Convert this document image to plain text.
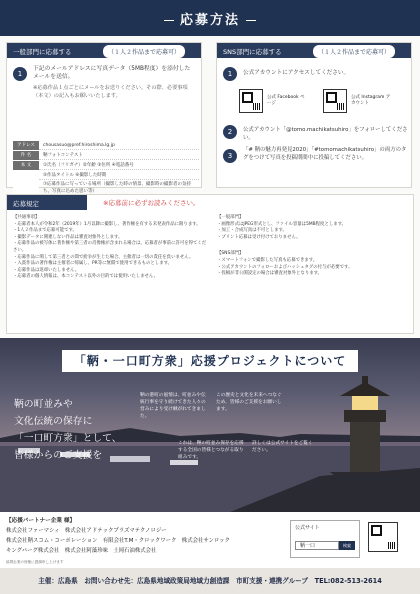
応募方法
一般部門に応募する	（１人２作品まで応募可）
1
下記のメールアドレスに写真データ（5MB程度）を添付したメールを送信。
※応募作品１点ごとにメールをお送りください。その際、必要事項（本文）の記入もお願いいたします。
アドレス	chousasuo@pref.hiroshima.lg.jp
件 名	鞆フォトコンテスト
本 文	①氏名（フリガナ）②年齢 ③住所 ④電話番号
⑤作品タイトル ⑥撮影した時期
⑦応募作品に写っている場所（撮影した時の情景、撮影時の撮影者の気持ち、写真に込めた思い等）
SNS部門に応募する	（１人２作品まで応募可）
1	公式アカウントにアクセスしてください。
公式 Facebook ページ
公式 Instagram アカウント
2	公式アカウント「@tomo.machikatsuhiro」をフォローしてください。
3
「# 鞆の魅力再発見2020」「#tomomachikatsuhiro」の両方のタグをつけて写真を投稿期間中に投稿してください。
応募規定	※応募前に必ずお読みください。
【共通事項】
・応募者本人が令和2年（2019年）1月以降に撮影し、著作権を有する未発表作品に限ります。
・1人２作品まで応募可能です。
・撮影データに関連しない作品は審査対象外とします。
・応募作品の被写体に著作権や第三者の肖像権が含まれる場合は、応募者が事前に許可を得てください。
・応募作品に関して第三者との間で紛争が生じた場合、主催者は一切の責任を負いません。
・入賞作品の著作権は主催者に帰属し、PR等に無償で使用できるものとします。
・応募作品は返却いたしません。
・応募者の個人情報は、本コンテスト以外の目的では使用いたしません。
【一般部門】
・画像形式はJPEG形式とし、ファイル容量は5MB程度とします。
・加工・合成写真は不可とします。
・プリント応募は受け付けておりません。
【SNS部門】
・スマートフォンで撮影した写真も応募できます。
・公式アカウントのフォローおよびハッシュタグの付与が必要です。
・投稿が非公開設定の場合は審査対象外となります。
「鞆・一口町方衆」応援プロジェクトについて
鞆の町並みや
文化伝統の保存に
「一口町方衆」として、
皆様からのご支援を
鞆の港町の風情は、町並みや伝統行事を守り続けてきた人々の営みにより受け継がれてきました。
この歴史と文化を未来へつなぐため、皆様のご支援をお願いします。
これは、鞆の町並み保存を応援する全国の皆様とつながる取り組みです。
詳しくは公式サイトをご覧ください。
【応援パートナー企業 様】
株式会社ファーマシィ　株式会社アドテックプラズマテクノロジー
株式会社鞆スコム・コーポレーション　有限会社T.M・クロックワーク　株式会社サンロック
キングバーグ株式会社　株式会社阿藻珍味　土岡石油株式会社
協賛企業の皆様に感謝申し上げます
公式サイト
鞆一口	検索
主催：広島県　お問い合わせ先：広島県地域政策局地域力創造課　市町支援・連携グループ　TEL:082-513-2614
